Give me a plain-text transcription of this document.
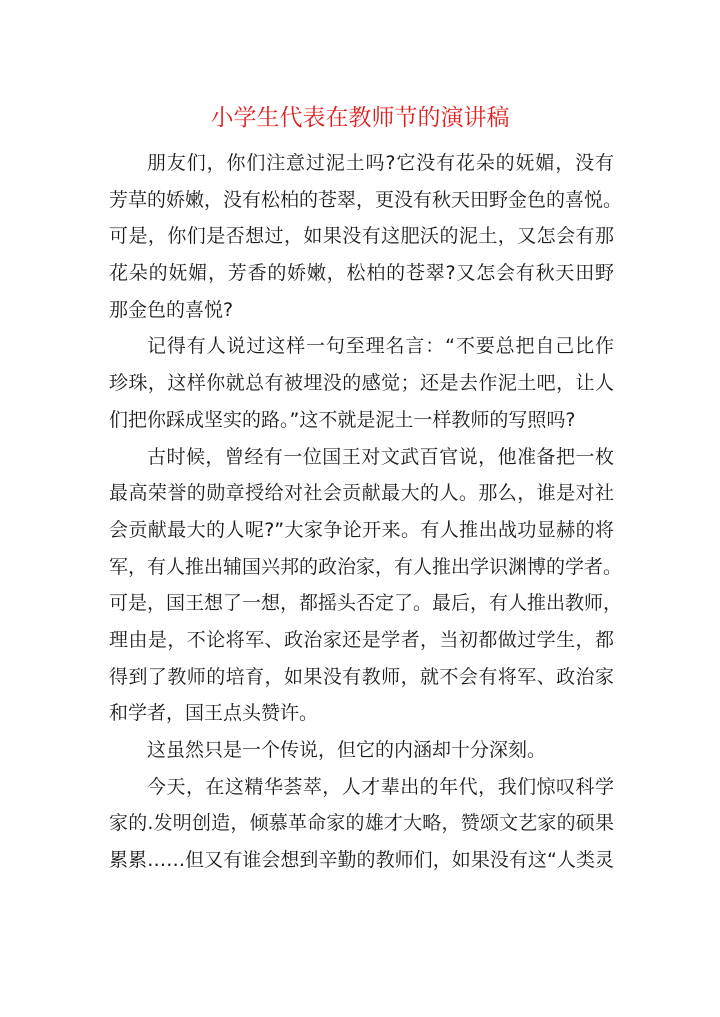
小学生代表在教师节的演讲稿
朋友们，你们注意过泥土吗?它没有花朵的妩媚，没有
芳草的娇嫩，没有松柏的苍翠，更没有秋天田野金色的喜悦。
可是，你们是否想过，如果没有这肥沃的泥土，又怎会有那
花朵的妩媚，芳香的娇嫩，松柏的苍翠?又怎会有秋天田野
那金色的喜悦?
记得有人说过这样一句至理名言：“不要总把自己比作
珍珠，这样你就总有被埋没的感觉；还是去作泥土吧，让人
们把你踩成坚实的路。”这不就是泥土一样教师的写照吗?
古时候，曾经有一位国王对文武百官说，他准备把一枚
最高荣誉的勋章授给对社会贡献最大的人。那么，谁是对社
会贡献最大的人呢?”大家争论开来。有人推出战功显赫的将
军，有人推出辅国兴邦的政治家，有人推出学识渊博的学者。
可是，国王想了一想，都摇头否定了。最后，有人推出教师，
理由是，不论将军、政治家还是学者，当初都做过学生，都
得到了教师的培育，如果没有教师，就不会有将军、政治家
和学者，国王点头赞许。
这虽然只是一个传说，但它的内涵却十分深刻。
今天，在这精华荟萃，人才辈出的年代，我们惊叹科学
家的.发明创造，倾慕革命家的雄才大略，赞颂文艺家的硕果
累累……但又有谁会想到辛勤的教师们，如果没有这“人类灵
